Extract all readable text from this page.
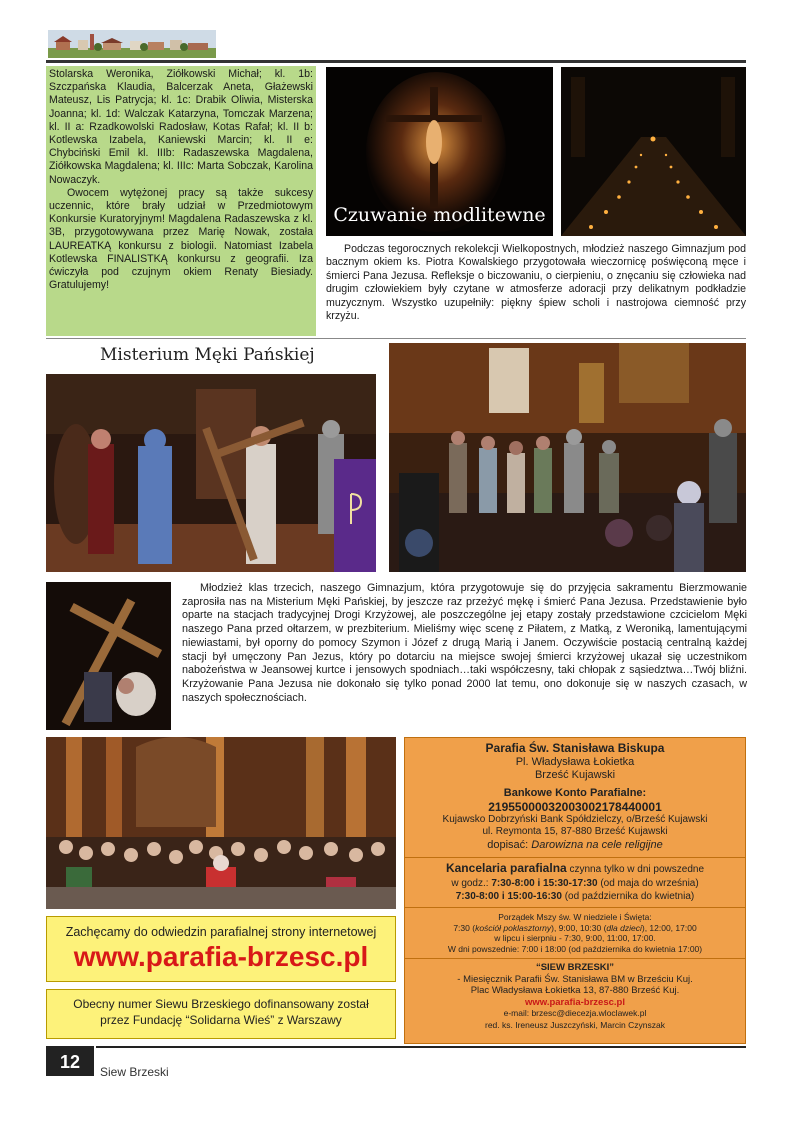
Stolarska Weronika, Ziółkowski Michał; kl. 1b: Szczpańska Klaudia, Balcerzak Aneta, Głażewski Mateusz, Lis Patrycja; kl. 1c: Drabik Oliwia, Misterska Joanna; kl. 1d: Walczak Katarzyna, Tomczak Marzena; kl. II a: Rzadkowolski Radosław, Kotas Rafał; kl. II b: Kotlewska Izabela, Kaniewski Marcin; kl. II e: Chybciński Emil kl. IIIb: Radaszewska Magdalena, Ziółkowska Magdalena; kl. IIIc: Marta Sobczak, Karolina Nowaczyk.

Owocem wytężonej pracy są także sukcesy uczennic, które brały udział w Przedmiotowym Konkursie Kuratoryjnym! Magdalena Radaszewska z kl. 3B, przygotowywana przez Marię Nowak, została LAUREATKĄ konkursu z biologii. Natomiast Izabela Kotlewska FINALISTKĄ konkursu z geografii. Iza ćwiczyła pod czujnym okiem Renaty Biesiady. Gratulujemy!

Czuwanie modlitewne

Podczas tegorocznych rekolekcji Wielkopostnych, młodzież naszego Gimnazjum pod bacznym okiem ks. Piotra Kowalskiego przygotowała wieczornicę poświęconą męce i śmierci Pana Jezusa. Refleksje o biczowaniu, o cierpieniu, o znęcaniu się człowieka nad drugim człowiekiem były czytane w atmosferze adoracji przy delikatnym podkładzie muzycznym. Wszystko uzupełniły: piękny śpiew scholi i nastrojowa ciemność przy krzyżu.

Misterium Męki Pańskiej

Młodzież klas trzecich, naszego Gimnazjum, która przygotowuje się do przyjęcia sakramentu Bierzmowanie zaprosiła nas na Misterium Męki Pańskiej, by jeszcze raz przeżyć mękę i śmierć Pana Jezusa. Przedstawienie było oparte na stacjach tradycyjnej Drogi Krzyżowej, ale poszczególne jej etapy zostały przedstawione czcicielom Męki naszego Pana przed ołtarzem, w prezbiterium. Mieliśmy więc scenę z Piłatem, z Matką, z Weroniką, lamentującymi niewiastami, był oporny do pomocy Szymon i Józef z drugą Marią i Janem. Oczywiście postacią centralną każdej stacji był umęczony Pan Jezus, który po dotarciu na miejsce swojej śmierci krzyżowej ukazał się uczestnikom nabożeństwa w Jeansowej kurtce i jensowych spodniach…taki współczesny, taki chłopak z sąsiedztwa…Twój bliźni. Krzyżowanie Pana Jezusa nie dokonało się tylko ponad 2000 lat temu, ono dokonuje się w naszych czasach, w naszych społecznościach.

Zachęcamy do odwiedzin parafialnej strony internetowej
www.parafia-brzesc.pl
Obecny numer Siewu Brzeskiego dofinansowany został przez Fundację “Solidarna Wieś” z Warszawy
Parafia Św. Stanisława Biskupa
Pl. Władysława Łokietka
Brześć Kujawski
Bankowe Konto Parafialne:
21955000032003002178440001
Kujawsko Dobrzyński Bank Spółdzielczy, o/Brześć Kujawski
ul. Reymonta 15, 87-880 Brześć Kujawski
dopisać: Darowizna na cele religijne
Kancelaria parafialna czynna tylko w dni powszedne
w godz.: 7:30-8:00 i 15:30-17:30 (od maja do września)
7:30-8:00 i 15:00-16:30 (od października do kwietnia)
Porządek Mszy św. W niedziele i Święta:
7:30 (kościół poklasztorny), 9:00, 10:30 (dla dzieci), 12:00, 17:00
w lipcu i sierpniu - 7:30, 9:00, 11:00, 17:00.
W dni powszednie: 7:00 i 18:00 (od października do kwietnia 17:00)
“SIEW BRZESKI”
- Miesięcznik Parafii Św. Stanisława BM w Brześciu Kuj.
Plac Władysława Łokietka 13, 87-880 Brześć Kuj.
www.parafia-brzesc.pl
e-mail: brzesc@diecezja.wloclawek.pl
red. ks. Ireneusz Juszczyński, Marcin Czynszak
12	Siew Brzeski
